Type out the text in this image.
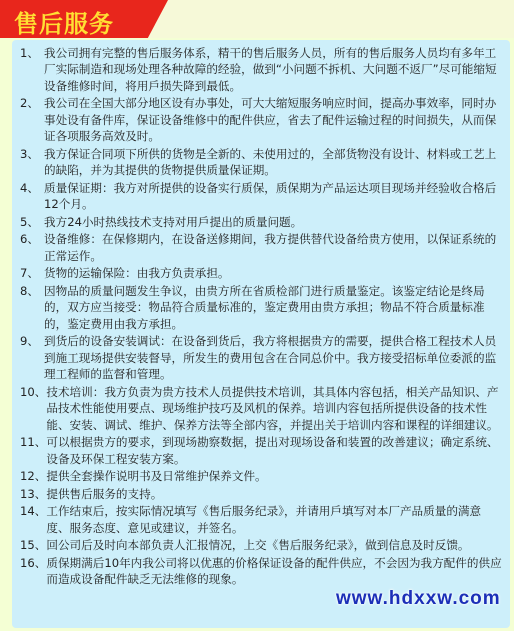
售后服务
1、 我公司拥有完整的售后服务体系，精干的售后服务人员，所有的售后服务人员均有多年工厂实际制造和现场处理各种故障的经验，做到“小问题不拆机、大问题不返厂”尽可能缩短设备维修时间，将用戶损失降到最低。
2、 我公司在全国大部分地区设有办事处，可大大缩短服务响应时间，提高办事效率，同时办事处设有备件库，保证设备维修中的配件供应，省去了配件运输过程的时间损失，从而保证各项服务高效及时。
3、 我方保证合同项下所供的货物是全新的、未使用过的，全部货物没有设计、材料或工艺上的缺陷，并为其提供的货物提供质量保证期。
4、 质量保证期：我方对所提供的设备实行质保，质保期为产品运达项目现场并经验收合格后12个月。
5、 我方24小时热线技术支持对用戶提出的质量问题。
6、 设备维修：在保修期内，在设备送修期间，我方提供替代设备给贵方使用，以保证系统的正常运作。
7、 货物的运输保险：由我方负责承担。
8、 因物品的质量问题发生争议，由贵方所在省质检部门进行质量鉴定。该鉴定结论是终局的，双方应当接受：物品符合质量标准的，鉴定费用由贵方承担；物品不符合质量标准的，鉴定费用由我方承担。
9、 到货后的设备安装调试：在设备到货后，我方将根据贵方的需要，提供合格工程技术人员到施工现场提供安装督导，所发生的费用包含在合同总价中。我方接受招标单位委派的监理工程师的监督和管理。
10、 技术培训：我方负责为贵方技术人员提供技术培训，其具体内容包括，相关产品知识、产品技术性能使用要点、现场维护技巧及风机的保养。培训内容包括所提供设备的技术性能、安装、调试、维护、保养方法等全部内容，并提出关于培训内容和课程的详细建议。
11、 可以根据贵方的要求，到现场勘察数据，提出对现场设备和装置的改善建议；确定系统、设备及环保工程安装方案。
12、 提供全套操作说明书及日常维护保养文件。
13、 提供售后服务的支持。
14、 工作结束后，按实际情况填写《售后服务纪录》，并请用戶填写对本厂产品质量的满意度、服务态度、意见或建议，并签名。
15、 回公司后及时向本部负责人汇报情况，上交《售后服务纪录》，做到信息及时反馈。
16、 质保期满后10年内我公司将以优惠的价格保证设备的配件供应，不会因为我方配件的供应而造成设备配件缺乏无法维修的现象。
www.hdxxw.com
